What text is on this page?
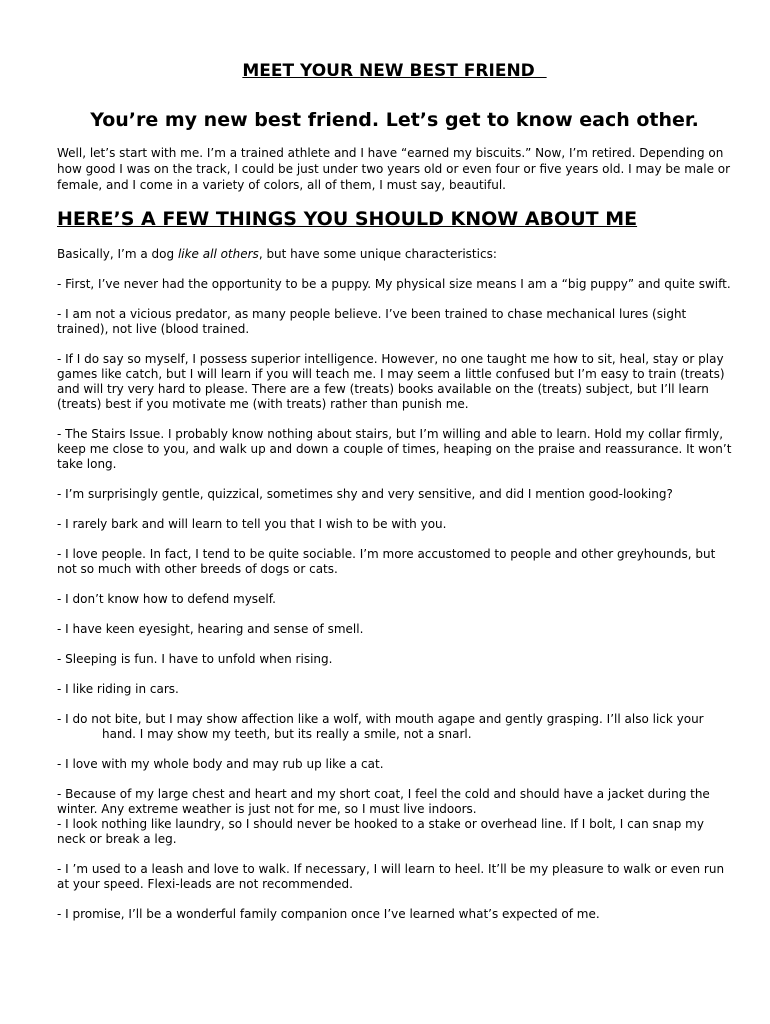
MEET YOUR NEW BEST FRIEND
You’re my new best friend. Let’s get to know each other.

Well, let’s start with me. I’m a trained athlete and I have “earned my biscuits.” Now, I’m retired. Depending on how good I was on the track, I could be just under two years old or even four or five years old. I may be male or female, and I come in a variety of colors, all of them, I must say, beautiful.

HERE’S A FEW THINGS YOU SHOULD KNOW ABOUT ME

Basically, I’m a dog like all others, but have some unique characteristics:

- First, I’ve never had the opportunity to be a puppy. My physical size means I am a “big puppy” and quite swift.

- I am not a vicious predator, as many people believe. I’ve been trained to chase mechanical lures (sight trained), not live (blood trained.

- If I do say so myself, I possess superior intelligence. However, no one taught me how to sit, heal, stay or play games like catch, but I will learn if you will teach me. I may seem a little confused but I’m easy to train (treats) and will try very hard to please. There are a few (treats) books available on the (treats) subject, but I’ll learn (treats) best if you motivate me (with treats) rather than punish me.

- The Stairs Issue. I probably know nothing about stairs, but I’m willing and able to learn. Hold my collar firmly, keep me close to you, and walk up and down a couple of times, heaping on the praise and reassurance. It won’t take long.

- I’m surprisingly gentle, quizzical, sometimes shy and very sensitive, and did I mention good-looking?

- I rarely bark and will learn to tell you that I wish to be with you.

- I love people. In fact, I tend to be quite sociable. I’m more accustomed to people and other greyhounds, but not so much with other breeds of dogs or cats.

- I don’t know how to defend myself.

- I have keen eyesight, hearing and sense of smell.

- Sleeping is fun. I have to unfold when rising.

- I like riding in cars.

- I do not bite, but I may show affection like a wolf, with mouth agape and gently grasping. I’ll also lick your hand. I may show my teeth, but its really a smile, not a snarl.

- I love with my whole body and may rub up like a cat.

- Because of my large chest and heart and my short coat, I feel the cold and should have a jacket during the winter. Any extreme weather is just not for me, so I must live indoors.

- I look nothing like laundry, so I should never be hooked to a stake or overhead line. If I bolt, I can snap my neck or break a leg.

- I ’m used to a leash and love to walk. If necessary, I will learn to heel. It’ll be my pleasure to walk or even run at your speed. Flexi-leads are not recommended.

- I promise, I’ll be a wonderful family companion once I’ve learned what’s expected of me.
